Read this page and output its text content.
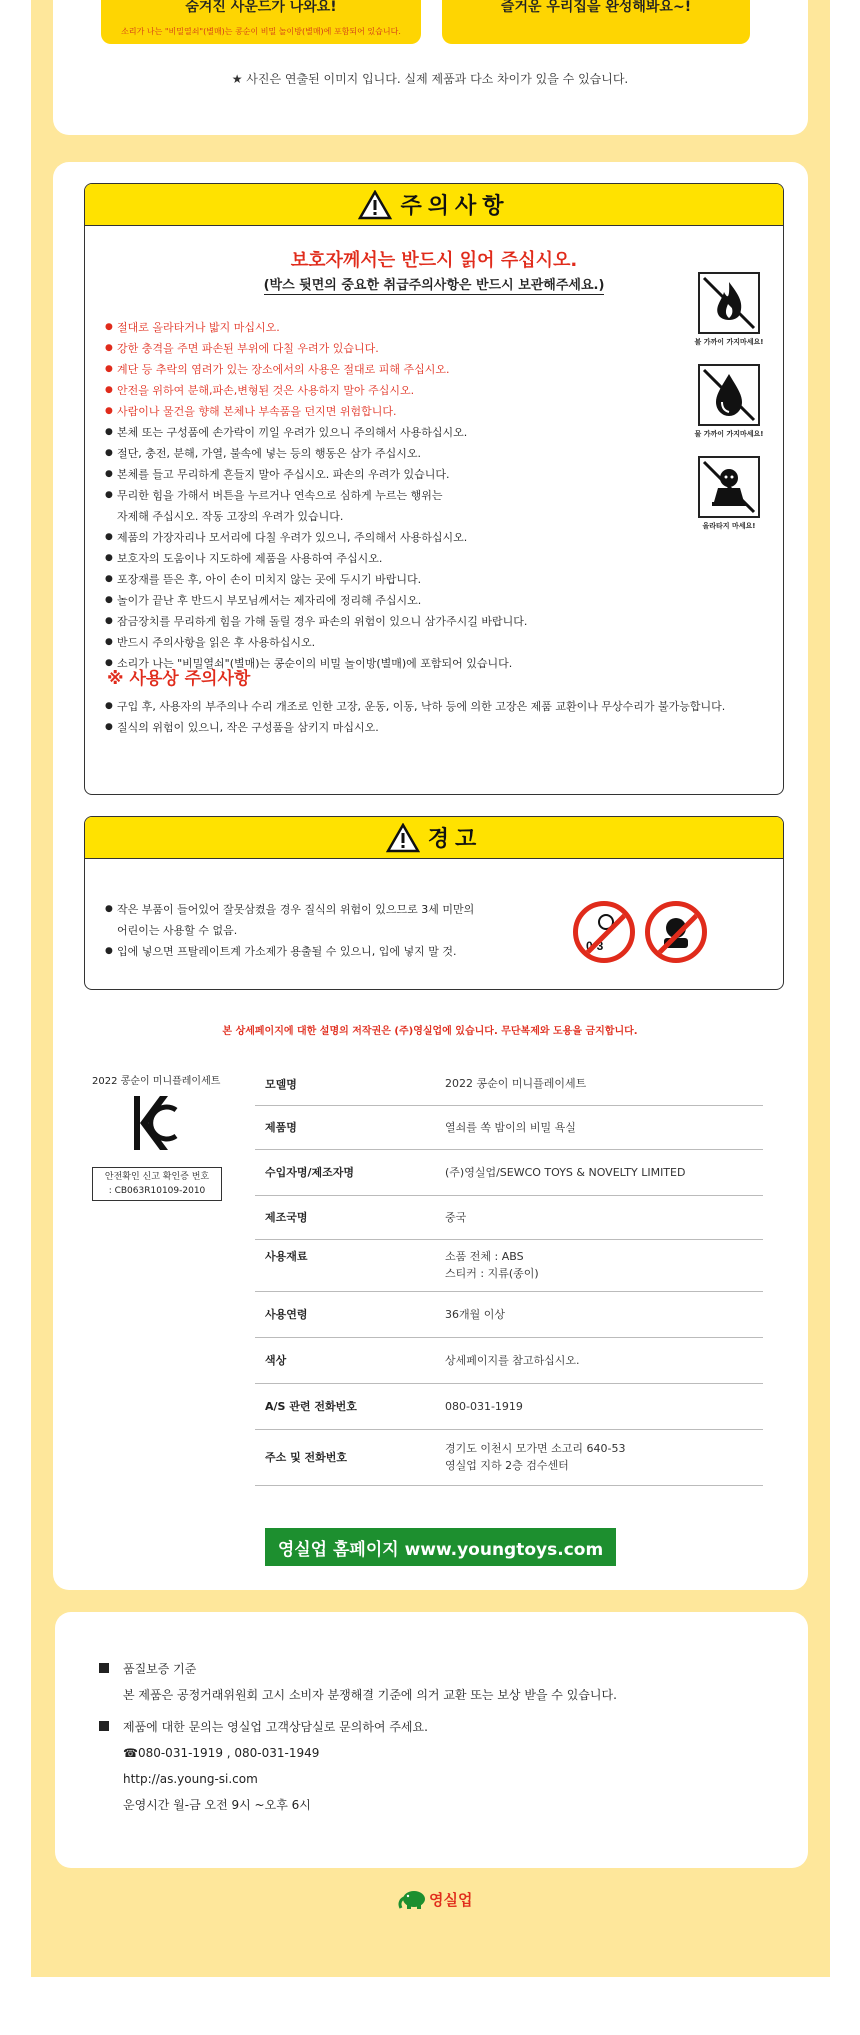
숨겨진 사운드가 나와요!
소리가 나는 "비밀열쇠"(별매)는 콩순이 비밀 놀이방(별매)에 포함되어 있습니다.
즐거운 우리집을 완성해봐요~!
★ 사진은 연출된 이미지 입니다. 실제 제품과 다소 차이가 있을 수 있습니다.
주의사항
보호자께서는 반드시 읽어 주십시오.
(박스 뒷면의 중요한 취급주의사항은 반드시 보관해주세요.)
● 절대로 올라타거나 밟지 마십시오.
● 강한 충격을 주면 파손된 부위에 다칠 우려가 있습니다.
● 계단 등 추락의 염려가 있는 장소에서의 사용은 절대로 피해 주십시오.
● 안전을 위하여 분해,파손,변형된 것은 사용하지 말아 주십시오.
● 사람이나 물건을 향해 본체나 부속품을 던지면 위험합니다.
● 본체 또는 구성품에 손가락이 끼일 우려가 있으니 주의해서 사용하십시오.
● 절단, 충전, 분해, 가열, 불속에 넣는 등의 행동은 삼가 주십시오.
● 본체를 들고 무리하게 흔들지 말아 주십시오. 파손의 우려가 있습니다.
● 무리한 힘을 가해서 버튼을 누르거나 연속으로 심하게 누르는 행위는
자제해 주십시오. 작동 고장의 우려가 있습니다.
● 제품의 가장자리나 모서리에 다칠 우려가 있으니, 주의해서 사용하십시오.
● 보호자의 도움이나 지도하에 제품을 사용하여 주십시오.
● 포장재를 뜯은 후, 아이 손이 미치지 않는 곳에 두시기 바랍니다.
● 놀이가 끝난 후 반드시 부모님께서는 제자리에 정리해 주십시오.
● 잠금장치를 무리하게 힘을 가해 돌릴 경우 파손의 위험이 있으니 삼가주시길 바랍니다.
● 반드시 주의사항을 읽은 후 사용하십시오.
● 소리가 나는 "비밀열쇠"(별매)는 콩순이의 비밀 놀이방(별매)에 포함되어 있습니다.
※ 사용상 주의사항
● 구입 후, 사용자의 부주의나 수리 개조로 인한 고장, 운동, 이동, 낙하 등에 의한 고장은 제품 교환이나 무상수리가 불가능합니다.
● 질식의 위험이 있으니, 작은 구성품을 삼키지 마십시오.
불 가까이 가지마세요!
물 가까이 가지마세요!
올라타지 마세요!
경고
● 작은 부품이 들어있어 잘못삼켰을 경우 질식의 위험이 있으므로 3세 미만의
어린이는 사용할 수 없음.
● 입에 넣으면 프탈레이트계 가소제가 용출될 수 있으니, 입에 넣지 말 것.	0-3
본 상세페이지에 대한 설명의 저작권은 (주)영실업에 있습니다. 무단복제와 도용을 금지합니다.
2022 콩순이 미니플레이세트
안전확인 신고 확인증 번호
: CB063R10109-2010
모델명	2022 콩순이 미니플레이세트
제품명	열쇠를 쏙 밤이의 비밀 욕실
수입자명/제조자명	(주)영실업/SEWCO TOYS & NOVELTY LIMITED
제조국명	중국
사용재료	소품 전체 : ABS
스티커 : 지류(종이)

사용연령	36개월 이상
색상	상세페이지를 참고하십시오.
A/S 관련 전화번호	080-031-1919
주소 및 전화번호	경기도 이천시 모가면 소고리 640-53
영실업 지하 2층 검수센터
영실업 홈페이지 www.youngtoys.com
품질보증 기준
본 제품은 공정거래위원회 고시 소비자 분쟁해결 기준에 의거 교환 또는 보상 받을 수 있습니다.
제품에 대한 문의는 영실업 고객상담실로 문의하여 주세요.
☎080-031-1919 , 080-031-1949
http://as.young-si.com
운영시간 월-금 오전 9시 ~오후 6시
영실업
